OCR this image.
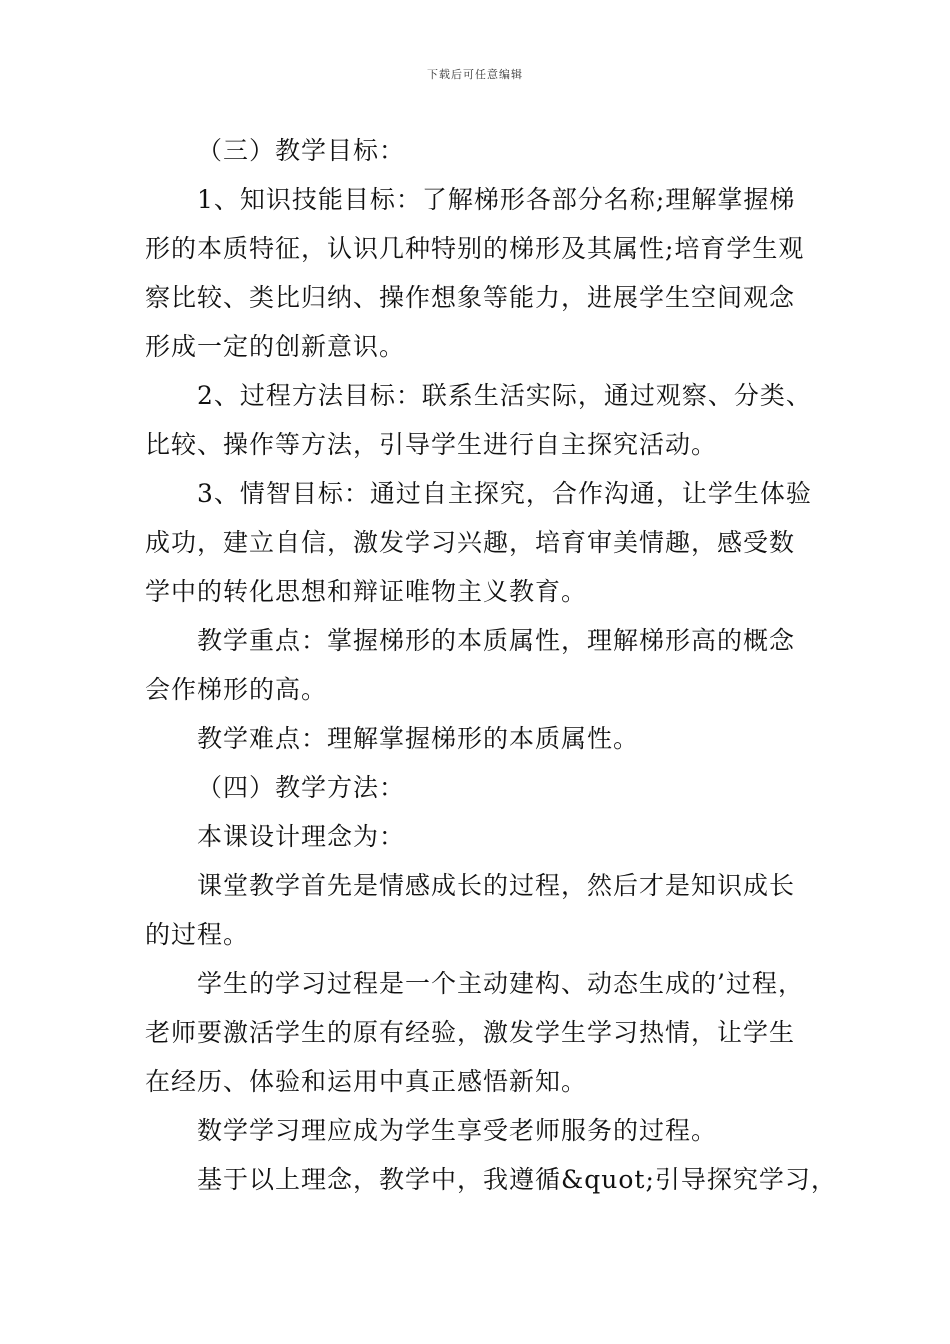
下载后可任意编辑
（三）教学目标：
1、知识技能目标：了解梯形各部分名称;理解掌握梯
形的本质特征，认识几种特别的梯形及其属性;培育学生观
察比较、类比归纳、操作想象等能力，进展学生空间观念
形成一定的创新意识。
2、过程方法目标：联系生活实际，通过观察、分类、
比较、操作等方法，引导学生进行自主探究活动。
3、情智目标：通过自主探究，合作沟通，让学生体验
成功，建立自信，激发学习兴趣，培育审美情趣，感受数
学中的转化思想和辩证唯物主义教育。
教学重点：掌握梯形的本质属性，理解梯形高的概念
会作梯形的高。
教学难点：理解掌握梯形的本质属性。
（四）教学方法：
本课设计理念为：
课堂教学首先是情感成长的过程，然后才是知识成长
的过程。
学生的学习过程是一个主动建构、动态生成的’过程，
老师要激活学生的原有经验，激发学生学习热情，让学生
在经历、体验和运用中真正感悟新知。
数学学习理应成为学生享受老师服务的过程。
基于以上理念，教学中，我遵循&quot;引导探究学习，
